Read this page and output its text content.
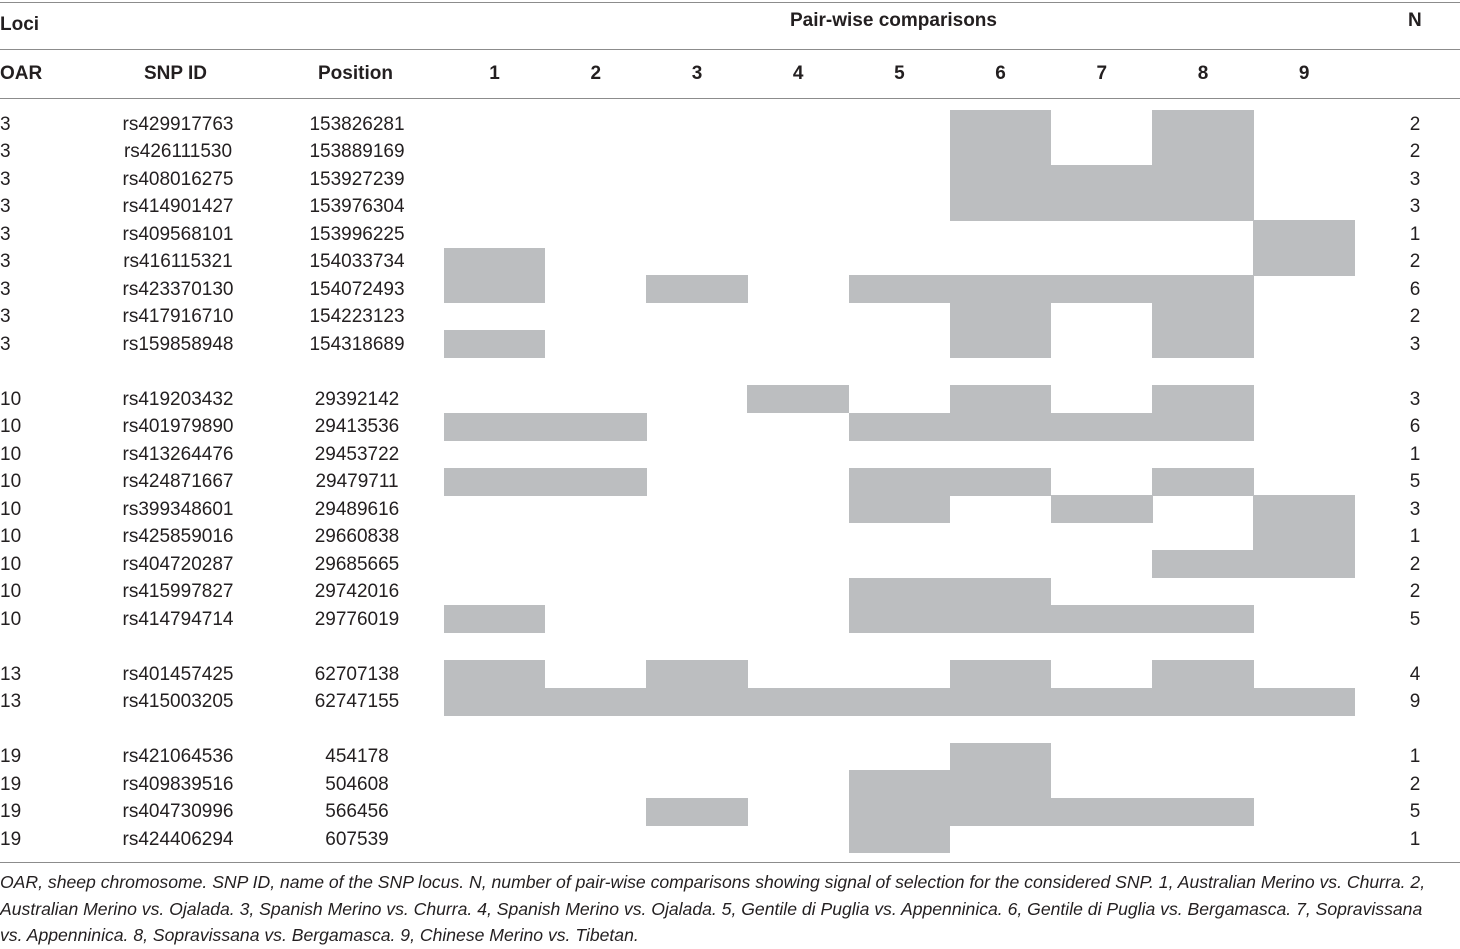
Loci	Pair-wise comparisons	N
OAR	SNP ID	Position	1	2	3	4	5	6	7	8	9
3	rs429917763	153826281	2
3	rs426111530	153889169	2
3	rs408016275	153927239	3
3	rs414901427	153976304	3
3	rs409568101	153996225	1
3	rs416115321	154033734	2
3	rs423370130	154072493	6
3	rs417916710	154223123	2
3	rs159858948	154318689	3
10	rs419203432	29392142	3
10	rs401979890	29413536	6
10	rs413264476	29453722	1
10	rs424871667	29479711	5
10	rs399348601	29489616	3
10	rs425859016	29660838	1
10	rs404720287	29685665	2
10	rs415997827	29742016	2
10	rs414794714	29776019	5
13	rs401457425	62707138	4
13	rs415003205	62747155	9
19	rs421064536	454178	1
19	rs409839516	504608	2
19	rs404730996	566456	5
19	rs424406294	607539	1
OAR, sheep chromosome. SNP ID, name of the SNP locus. N, number of pair-wise comparisons showing signal of selection for the considered SNP. 1, Australian Merino vs. Churra. 2, Australian Merino vs. Ojalada. 3, Spanish Merino vs. Churra. 4, Spanish Merino vs. Ojalada. 5, Gentile di Puglia vs. Appenninica. 6, Gentile di Puglia vs. Bergamasca. 7, Sopravissana vs. Appenninica. 8, Sopravissana vs. Bergamasca. 9, Chinese Merino vs. Tibetan.
